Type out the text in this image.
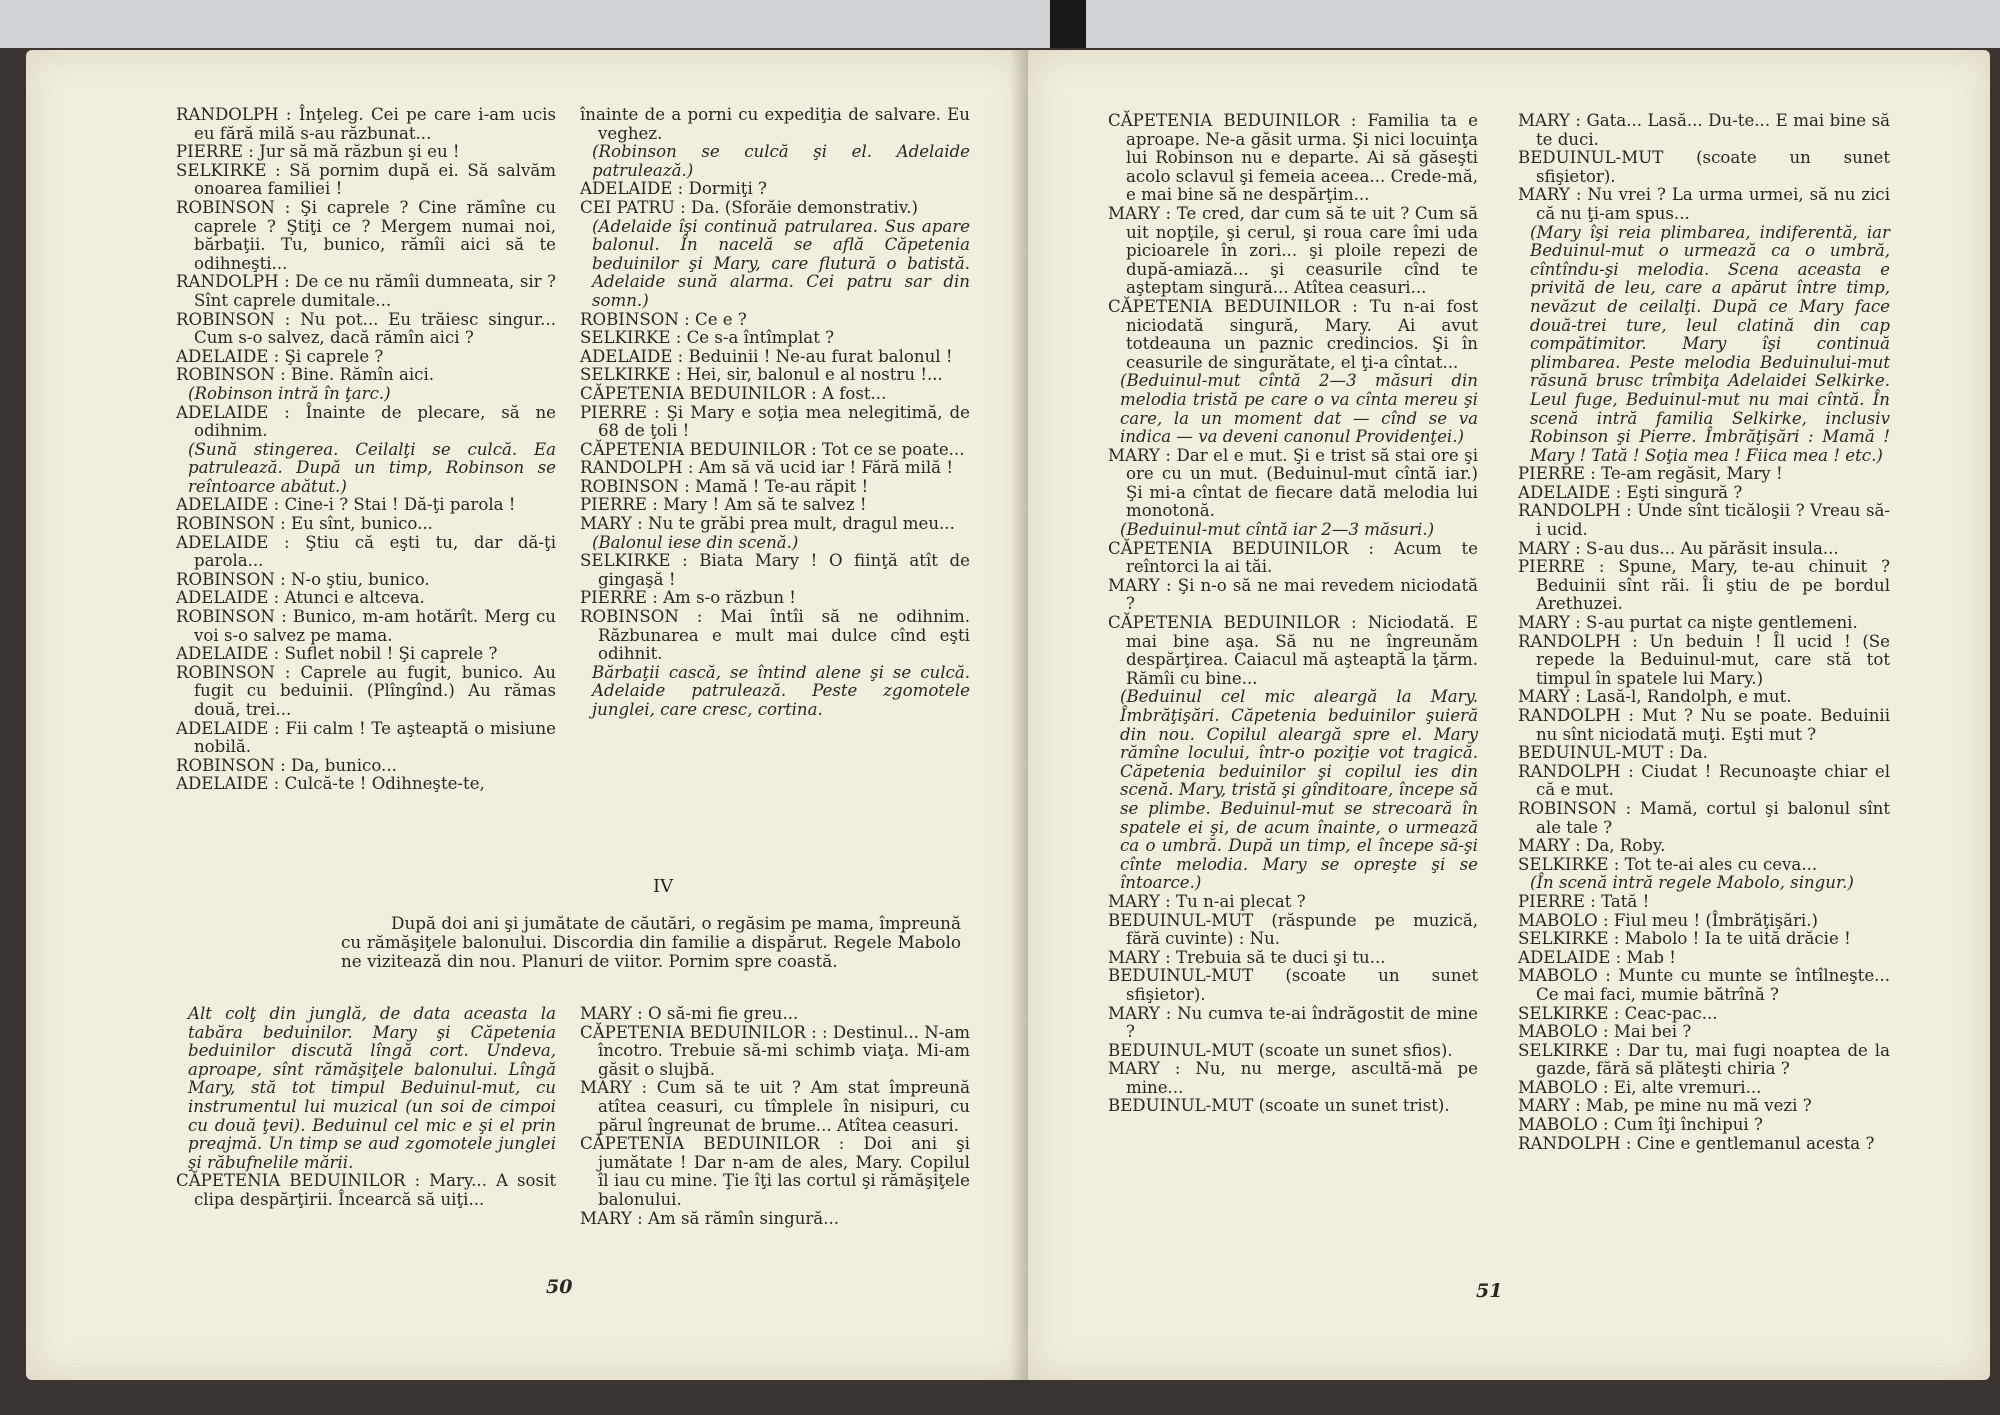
RANDOLPH : Înţeleg. Cei pe care i-am ucis eu fără milă s-au răzbunat...

PIERRE : Jur să mă răzbun şi eu !

SELKIRKE : Să pornim după ei. Să salvăm onoarea familiei !

ROBINSON : Şi caprele ? Cine rămîne cu caprele ? Ştiţi ce ? Mergem numai noi, bărbaţii. Tu, bunico, rămîi aici să te odihneşti...

RANDOLPH : De ce nu rămîi dumneata, sir ? Sînt caprele dumitale...

ROBINSON : Nu pot... Eu trăiesc singur... Cum s-o salvez, dacă rămîn aici ?

ADELAIDE : Şi caprele ?

ROBINSON : Bine. Rămîn aici.

(Robinson intră în ţarc.)

ADELAIDE : Înainte de plecare, să ne odihnim.

(Sună stingerea. Ceilalţi se culcă. Ea patrulează. După un timp, Robinson se reîntoarce abătut.)

ADELAIDE : Cine-i ? Stai ! Dă-ţi parola !

ROBINSON : Eu sînt, bunico...

ADELAIDE : Ştiu că eşti tu, dar dă-ţi parola...

ROBINSON : N-o ştiu, bunico.

ADELAIDE : Atunci e altceva.

ROBINSON : Bunico, m-am hotărît. Merg cu voi s-o salvez pe mama.

ADELAIDE : Suflet nobil ! Şi caprele ?

ROBINSON : Caprele au fugit, bunico. Au fugit cu beduinii. (Plîngînd.) Au rămas două, trei...

ADELAIDE : Fii calm ! Te aşteaptă o misiune nobilă.

ROBINSON : Da, bunico...

ADELAIDE : Culcă-te ! Odihneşte-te,

înainte de a porni cu expediţia de salvare. Eu veghez.

(Robinson se culcă şi el. Adelaide patrulează.)

ADELAIDE : Dormiţi ?

CEI PATRU : Da. (Sforăie demonstrativ.)

(Adelaide îşi continuă patrularea. Sus apare balonul. În nacelă se află Căpetenia beduinilor şi Mary, care flutură o batistă. Adelaide sună alarma. Cei patru sar din somn.)

ROBINSON : Ce e ?

SELKIRKE : Ce s-a întîmplat ?

ADELAIDE : Beduinii ! Ne-au furat balonul !

SELKIRKE : Hei, sir, balonul e al nostru !...

CĂPETENIA BEDUINILOR : A fost...

PIERRE : Şi Mary e soţia mea nelegitimă, de 68 de ţoli !

CĂPETENIA BEDUINILOR : Tot ce se poate...

RANDOLPH : Am să vă ucid iar ! Fără milă !

ROBINSON : Mamă ! Te-au răpit !

PIERRE : Mary ! Am să te salvez !

MARY : Nu te grăbi prea mult, dragul meu...

(Balonul iese din scenă.)

SELKIRKE : Biata Mary ! O fiinţă atît de gingaşă !

PIERRE : Am s-o răzbun !

ROBINSON : Mai întîi să ne odihnim. Răzbunarea e mult mai dulce cînd eşti odihnit.

Bărbaţii cască, se întind alene şi se culcă. Adelaide patrulează. Peste zgomotele junglei, care cresc, cortina.

IV
După doi ani şi jumătate de căutări, o regăsim pe mama, împreună cu rămăşiţele balonului. Discordia din familie a dispărut. Regele Mabolo ne vizitează din nou. Planuri de viitor. Pornim spre coastă.

Alt colţ din junglă, de data aceasta la tabăra beduinilor. Mary şi Căpetenia beduinilor discută lîngă cort. Undeva, aproape, sînt rămăşiţele balonului. Lîngă Mary, stă tot timpul Beduinul-mut, cu instrumentul lui muzical (un soi de cimpoi cu două ţevi). Beduinul cel mic e şi el prin preajmă. Un timp se aud zgomotele junglei şi răbufnelile mării.

CĂPETENIA BEDUINILOR : Mary... A sosit clipa despărţirii. Încearcă să uiţi...

MARY : O să-mi fie greu...

CĂPETENIA BEDUINILOR : : Destinul... N-am încotro. Trebuie să-mi schimb viaţa. Mi-am găsit o slujbă.

MARY : Cum să te uit ? Am stat împreună atîtea ceasuri, cu tîmplele în nisipuri, cu părul îngreunat de brume... Atîtea ceasuri.

CĂPETENIA BEDUINILOR : Doi ani şi jumătate ! Dar n-am de ales, Mary. Copilul îl iau cu mine. Ţie îţi las cortul şi rămăşiţele balonului.

MARY : Am să rămîn singură...

50

CĂPETENIA BEDUINILOR : Familia ta e aproape. Ne-a găsit urma. Şi nici locuinţa lui Robinson nu e departe. Ai să găseşti acolo sclavul şi femeia aceea... Crede-mă, e mai bine să ne despărţim...

MARY : Te cred, dar cum să te uit ? Cum să uit nopţile, şi cerul, şi roua care îmi uda picioarele în zori... şi ploile repezi de după-amiază... şi ceasurile cînd te aşteptam singură... Atîtea ceasuri...

CĂPETENIA BEDUINILOR : Tu n-ai fost niciodată singură, Mary. Ai avut totdeauna un paznic credincios. Şi în ceasurile de singurătate, el ţi-a cîntat...

(Beduinul-mut cîntă 2—3 măsuri din melodia tristă pe care o va cînta mereu şi care, la un moment dat — cînd se va indica — va deveni canonul Providenţei.)

MARY : Dar el e mut. Şi e trist să stai ore şi ore cu un mut. (Beduinul-mut cîntă iar.) Şi mi-a cîntat de fiecare dată melodia lui monotonă.

(Beduinul-mut cîntă iar 2—3 măsuri.)

CĂPETENIA BEDUINILOR : Acum te reîntorci la ai tăi.

MARY : Şi n-o să ne mai revedem niciodată ?

CĂPETENIA BEDUINILOR : Niciodată. E mai bine aşa. Să nu ne îngreunăm despărţirea. Caiacul mă aşteaptă la ţărm. Rămîi cu bine...

(Beduinul cel mic aleargă la Mary. Îmbrăţişări. Căpetenia beduinilor şuieră din nou. Copilul aleargă spre el. Mary rămîne locului, într-o poziţie vot tragică. Căpetenia beduinilor şi copilul ies din scenă. Mary, tristă şi gînditoare, începe să se plimbe. Beduinul-mut se strecoară în spatele ei şi, de acum înainte, o urmează ca o umbră. După un timp, el începe să-şi cînte melodia. Mary se opreşte şi se întoarce.)

MARY : Tu n-ai plecat ?

BEDUINUL-MUT (răspunde pe muzică, fără cuvinte) : Nu.

MARY : Trebuia să te duci şi tu...

BEDUINUL-MUT (scoate un sunet sfişietor).

MARY : Nu cumva te-ai îndrăgostit de mine ?

BEDUINUL-MUT (scoate un sunet sfios).

MARY : Nu, nu merge, ascultă-mă pe mine...

BEDUINUL-MUT (scoate un sunet trist).

MARY : Gata... Lasă... Du-te... E mai bine să te duci.

BEDUINUL-MUT (scoate un sunet sfişietor).

MARY : Nu vrei ? La urma urmei, să nu zici că nu ţi-am spus...

(Mary îşi reia plimbarea, indiferentă, iar Beduinul-mut o urmează ca o umbră, cîntîndu-şi melodia. Scena aceasta e privită de leu, care a apărut între timp, nevăzut de ceilalţi. După ce Mary face două-trei ture, leul clatină din cap compătimitor. Mary îşi continuă plimbarea. Peste melodia Beduinului-mut răsună brusc trîmbiţa Adelaidei Selkirke. Leul fuge, Beduinul-mut nu mai cîntă. În scenă intră familia Selkirke, inclusiv Robinson şi Pierre. Îmbrăţişări : Mamă ! Mary ! Tată ! Soţia mea ! Fiica mea ! etc.)

PIERRE : Te-am regăsit, Mary !

ADELAIDE : Eşti singură ?

RANDOLPH : Unde sînt ticăloşii ? Vreau să-i ucid.

MARY : S-au dus... Au părăsit insula...

PIERRE : Spune, Mary, te-au chinuit ? Beduinii sînt răi. Îi ştiu de pe bordul Arethuzei.

MARY : S-au purtat ca nişte gentlemeni.

RANDOLPH : Un beduin ! Îl ucid ! (Se repede la Beduinul-mut, care stă tot timpul în spatele lui Mary.)

MARY : Lasă-l, Randolph, e mut.

RANDOLPH : Mut ? Nu se poate. Beduinii nu sînt niciodată muţi. Eşti mut ?

BEDUINUL-MUT : Da.

RANDOLPH : Ciudat ! Recunoaşte chiar el că e mut.

ROBINSON : Mamă, cortul şi balonul sînt ale tale ?

MARY : Da, Roby.

SELKIRKE : Tot te-ai ales cu ceva...

(În scenă intră regele Mabolo, singur.)

PIERRE : Tată !

MABOLO : Fiul meu ! (Îmbrăţişări.)

SELKIRKE : Mabolo ! Ia te uită drăcie !

ADELAIDE : Mab !

MABOLO : Munte cu munte se întîlneşte... Ce mai faci, mumie bătrînă ?

SELKIRKE : Ceac-pac...

MABOLO : Mai bei ?

SELKIRKE : Dar tu, mai fugi noaptea de la gazde, fără să plăteşti chiria ?

MABOLO : Ei, alte vremuri...

MARY : Mab, pe mine nu mă vezi ?

MABOLO : Cum îţi închipui ?

RANDOLPH : Cine e gentlemanul acesta ?

51
